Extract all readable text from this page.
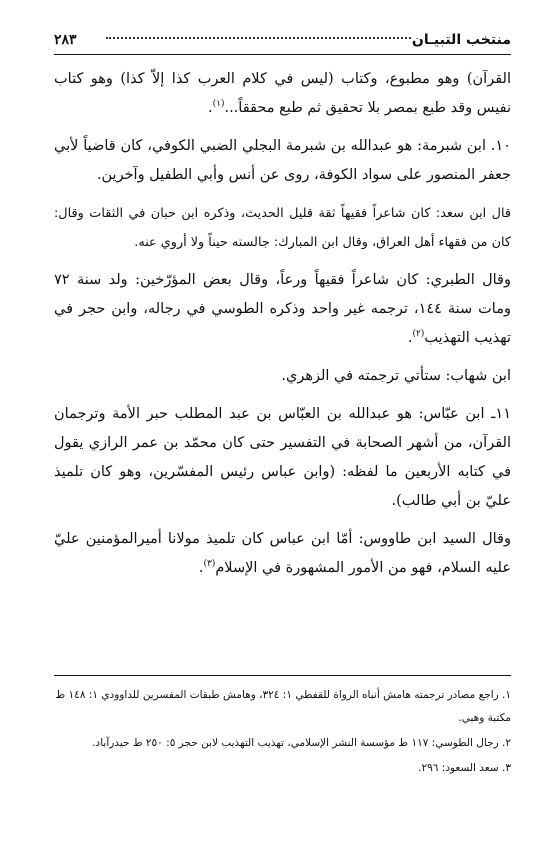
منتخب التبيـان
٢٨٣

القرآن) وهو مطبوع، وكتاب (ليس في كلام العرب كذا إلاّ كذا) وهو كتاب نفيس وقد طبع بمصر بلا تحقيق ثم طبع محققاً...$^{(١)}$.

١٠. ابن شبرمة: هو عبدالله بن شبرمة البجلي الضبي الكوفي، كان قاضياً لأبي جعفر المنصور على سواد الكوفة، روى عن أنس وأبي الطفيل وآخرين.

قال ابن سعد: كان شاعراً فقيهاً ثقة قليل الحديث، وذكره ابن حبان في الثقات وقال: كان من فقهاء أهل العراق، وقال ابن المبارك: جالسته حيناً ولا أروي عنه.

وقال الطبري: كان شاعراً فقيهاً ورعاً، وقال بعض المؤرّخين: ولد سنة ٧٢ ومات سنة ١٤٤، ترجمه غير واحد وذكره الطوسي في رجاله، وابن حجر في تهذيب التهذيب$^{(٢)}$.

ابن شهاب: ستأتي ترجمته في الزهري.

١١ـ ابن عبّاس: هو عبدالله بن العبّاس بن عبد المطلب حبر الأمة وترجمان القرآن، من أشهر الصحابة في التفسير حتى كان محمّد بن عمر الرازي يقول في كتابه الأربعين ما لفظه: (وابن عباس رئيس المفسّرين، وهو كان تلميذ عليّ بن أبي طالب).

وقال السيد ابن طاووس: أمّا ابن عباس كان تلميذ مولانا أميرالمؤمنين عليّ عليه السلام، فهو من الأمور المشهورة في الإسلام$^{(٣)}$.

١. راجع مصادر ترجمته هامش أنباه الرواة للقفطي ١: ٣٢٤، وهامش طبقات المفسرين للداوودي ١: ١٤٨ ط مكتبة وهبي.

٢. رجال الطوسي: ١١٧ ط مؤسسة النشر الإسلامي، تهذيب التهذيب لابن حجر ٥: ٢٥٠ ط حيدرآباد.

٣. سعد السعود: ٢٩٦.
